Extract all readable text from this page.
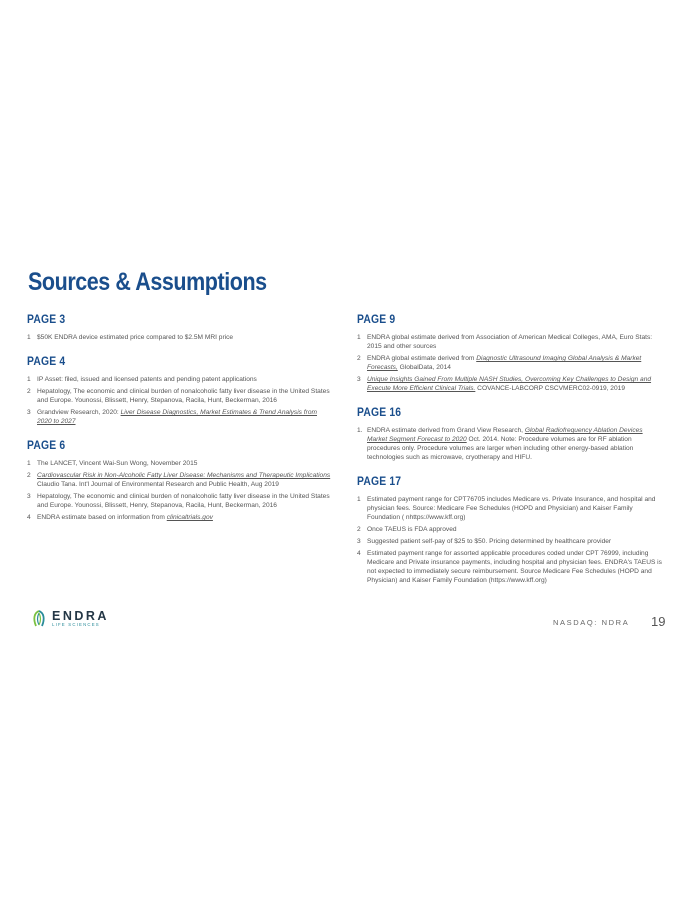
Sources & Assumptions
PAGE 3
1 $50K ENDRA device estimated price compared to $2.5M MRI price
PAGE 4
1 IP Asset: filed, issued and licensed patents and pending patent applications
2 Hepatology, The economic and clinical burden of nonalcoholic fatty liver disease in the United States and Europe. Younossi, Blissett, Henry, Stepanova, Racila, Hunt, Beckerman, 2016
3 Grandview Research, 2020: Liver Disease Diagnostics, Market Estimates & Trend Analysis from 2020 to 2027
PAGE 6
1 The LANCET, Vincent Wai-Sun Wong, November 2015
2 Cardiovascular Risk in Non-Alcoholic Fatty Liver Disease: Mechanisms and Therapeutic Implications Claudio Tana. Int'l Journal of Environmental Research and Public Health, Aug 2019
3 Hepatology, The economic and clinical burden of nonalcoholic fatty liver disease in the United States and Europe. Younossi, Blissett, Henry, Stepanova, Racila, Hunt, Beckerman, 2016
4 ENDRA estimate based on information from clinicaltrials.gov
PAGE 9
1 ENDRA global estimate derived from Association of American Medical Colleges, AMA, Euro Stats: 2015 and other sources
2 ENDRA global estimate derived from Diagnostic Ultrasound Imaging Global Analysis & Market Forecasts, GlobalData, 2014
3 Unique Insights Gained From Multiple NASH Studies, Overcoming Key Challenges to Design and Execute More Efficient Clinical Trials. COVANCE-LABCORP CSCVMERC02-0919, 2019
PAGE 16
1. ENDRA estimate derived from Grand View Research, Global Radiofrequency Ablation Devices Market Segment Forecast to 2020 Oct. 2014. Note: Procedure volumes are for RF ablation procedures only. Procedure volumes are larger when including other energy-based ablation technologies such as microwave, cryotherapy and HIFU.
PAGE 17
1 Estimated payment range for CPT76705 includes Medicare vs. Private Insurance, and hospital and physician fees. Source: Medicare Fee Schedules (HOPD and Physician) and Kaiser Family Foundation ( nhttps://www.kff.org)
2 Once TAEUS is FDA approved
3 Suggested patient self-pay of $25 to $50. Pricing determined by healthcare provider
4 Estimated payment range for assorted applicable procedures coded under CPT 76999, including Medicare and Private insurance payments, including hospital and physician fees. ENDRA's TAEUS is not expected to immediately secure reimbursement. Source Medicare Fee Schedules (HOPD and Physician) and Kaiser Family Foundation (https://www.kff.org)
ENDRA
LIFE SCIENCES	NASDAQ: NDRA 19
